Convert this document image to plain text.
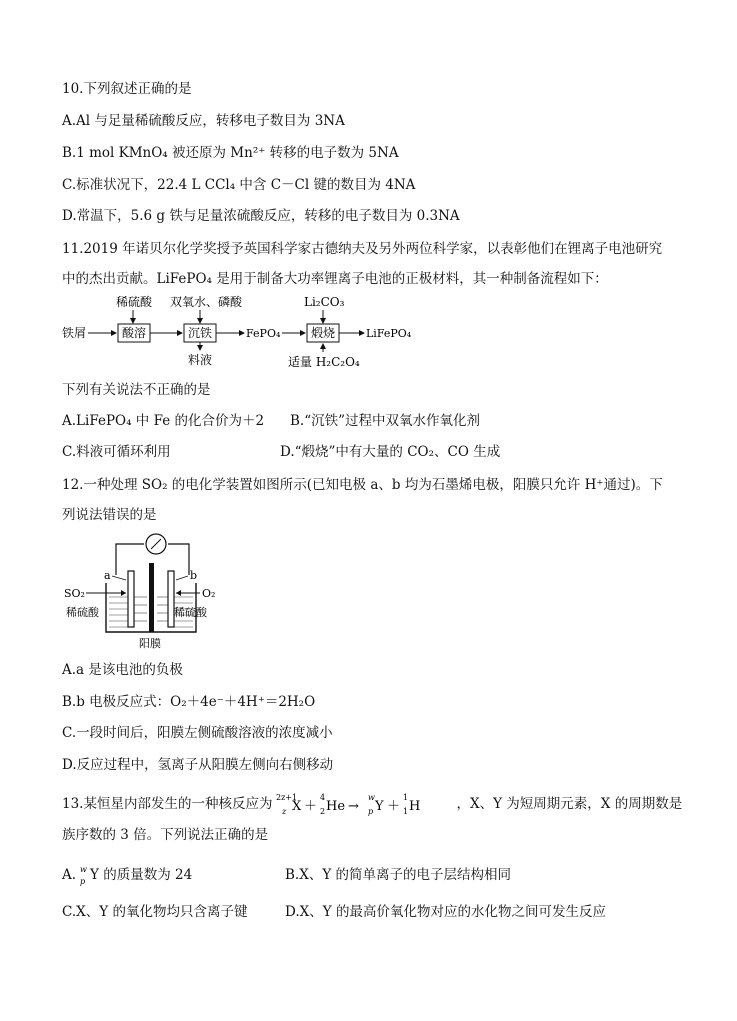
10.下列叙述正确的是
A.Al 与足量稀硫酸反应，转移电子数目为 3NA
B.1 mol KMnO₄ 被还原为 Mn²⁺ 转移的电子数为 5NA
C.标准状况下，22.4 L CCl₄ 中含 C－Cl 键的数目为 4NA
D.常温下，5.6 g 铁与足量浓硫酸反应，转移的电子数目为 0.3NA
11.2019 年诺贝尔化学奖授予英国科学家古德纳夫及另外两位科学家，以表彰他们在锂离子电池研究
中的杰出贡献。LiFePO₄ 是用于制备大功率锂离子电池的正极材料，其一种制备流程如下：
稀硫酸 双氧水、磷酸	Li₂CO₃
铁屑	酸溶	沉铁
料液
FePO₄	煅烧
适量 H₂C₂O₄
LiFePO₄
下列有关说法不正确的是
A.LiFePO₄ 中 Fe 的化合价为＋2 B.“沉铁”过程中双氧水作氧化剂
C.料液可循环利用	D.“煅烧”中有大量的 CO₂、CO 生成
12.一种处理 SO₂ 的电化学装置如图所示(已知电极 a、b 均为石墨烯电极，阳膜只允许 H⁺通过)。下
列说法错误的是
a	b
SO₂	O₂
稀硫酸	稀硫酸
阳膜
A.a 是该电池的负极
B.b 电极反应式：O₂＋4e⁻＋4H⁺＝2H₂O
C.一段时间后，阳膜左侧硫酸溶液的浓度减小
D.反应过程中，氢离子从阳膜左侧向右侧移动
13.某恒星内部发生的一种核反应为 2z+1
z X ＋
4
2 He →
w
p Y ＋
1
1 H	，X、Y 为短周期元素，X 的周期数是
族序数的 3 倍。下列说法正确的是
A. w
p Y 的质量数为 24	B.X、Y 的简单离子的电子层结构相同
C.X、Y 的氧化物均只含离子键	D.X、Y 的最高价氧化物对应的水化物之间可发生反应
